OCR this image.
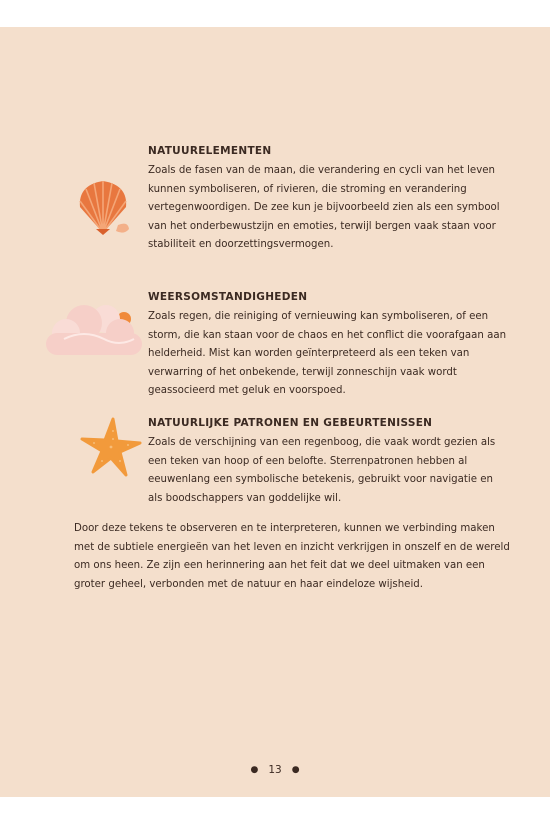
NATUURELEMENTEN

Zoals de fasen van de maan, die verandering en cycli van het leven kunnen symboliseren, of rivieren, die stroming en verandering vertegenwoordigen. De zee kun je bijvoorbeeld zien als een symbool van het onderbewustzijn en emoties, terwijl bergen vaak staan voor stabiliteit en doorzettingsvermogen.

WEERSOMSTANDIGHEDEN

Zoals regen, die reiniging of vernieuwing kan symboliseren, of een storm, die kan staan voor de chaos en het conflict die voorafgaan aan helderheid. Mist kan worden geïnterpreteerd als een teken van verwarring of het onbekende, terwijl zonneschijn vaak wordt geassocieerd met geluk en voorspoed.

NATUURLIJKE PATRONEN EN GEBEURTENISSEN

Zoals de verschijning van een regenboog, die vaak wordt gezien als een teken van hoop of een belofte. Sterrenpatronen hebben al eeuwenlang een symbolische betekenis, gebruikt voor navigatie en als boodschappers van goddelijke wil.

Door deze tekens te observeren en te interpreteren, kunnen we verbinding maken met de subtiele energieën van het leven en inzicht verkrijgen in onszelf en de wereld om ons heen. Ze zijn een herinnering aan het feit dat we deel uitmaken van een groter geheel, verbonden met de natuur en haar eindeloze wijsheid.

● 13 ●
